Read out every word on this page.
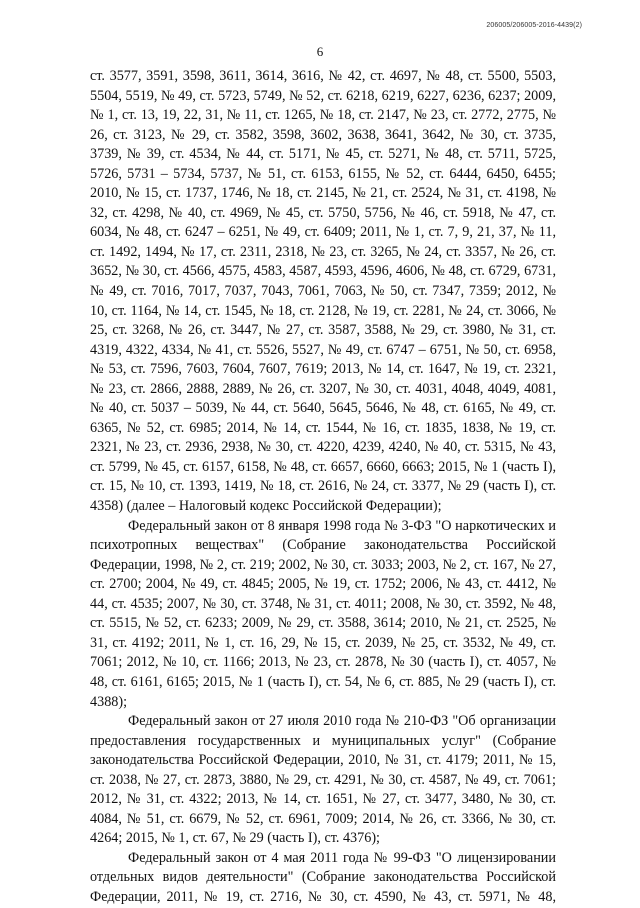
206005/206005-2016-4439(2)
6

ст. 3577, 3591, 3598, 3611, 3614, 3616, № 42, ст. 4697, № 48, ст. 5500, 5503, 5504, 5519, № 49, ст. 5723, 5749, № 52, ст. 6218, 6219, 6227, 6236, 6237; 2009, № 1, ст. 13, 19, 22, 31, № 11, ст. 1265, № 18, ст. 2147, № 23, ст. 2772, 2775, № 26, ст. 3123, № 29, ст. 3582, 3598, 3602, 3638, 3641, 3642, № 30, ст. 3735, 3739, № 39, ст. 4534, № 44, ст. 5171, № 45, ст. 5271, № 48, ст. 5711, 5725, 5726, 5731 – 5734, 5737, № 51, ст. 6153, 6155, № 52, ст. 6444, 6450, 6455; 2010, № 15, ст. 1737, 1746, № 18, ст. 2145, № 21, ст. 2524, № 31, ст. 4198, № 32, ст. 4298, № 40, ст. 4969, № 45, ст. 5750, 5756, № 46, ст. 5918, № 47, ст. 6034, № 48, ст. 6247 – 6251, № 49, ст. 6409; 2011, № 1, ст. 7, 9, 21, 37, № 11, ст. 1492, 1494, № 17, ст. 2311, 2318, № 23, ст. 3265, № 24, ст. 3357, № 26, ст. 3652, № 30, ст. 4566, 4575, 4583, 4587, 4593, 4596, 4606, № 48, ст. 6729, 6731, № 49, ст. 7016, 7017, 7037, 7043, 7061, 7063, № 50, ст. 7347, 7359; 2012, № 10, ст. 1164, № 14, ст. 1545, № 18, ст. 2128, № 19, ст. 2281, № 24, ст. 3066, № 25, ст. 3268, № 26, ст. 3447, № 27, ст. 3587, 3588, № 29, ст. 3980, № 31, ст. 4319, 4322, 4334, № 41, ст. 5526, 5527, № 49, ст. 6747 – 6751, № 50, ст. 6958, № 53, ст. 7596, 7603, 7604, 7607, 7619; 2013, № 14, ст. 1647, № 19, ст. 2321, № 23, ст. 2866, 2888, 2889, № 26, ст. 3207, № 30, ст. 4031, 4048, 4049, 4081, № 40, ст. 5037 – 5039, № 44, ст. 5640, 5645, 5646, № 48, ст. 6165, № 49, ст. 6365, № 52, ст. 6985; 2014, № 14, ст. 1544, № 16, ст. 1835, 1838, № 19, ст. 2321, № 23, ст. 2936, 2938, № 30, ст. 4220, 4239, 4240, № 40, ст. 5315, № 43, ст. 5799, № 45, ст. 6157, 6158, № 48, ст. 6657, 6660, 6663; 2015, № 1 (часть I), ст. 15, № 10, ст. 1393, 1419, № 18, ст. 2616, № 24, ст. 3377, № 29 (часть I), ст. 4358) (далее – Налоговый кодекс Российской Федерации);

Федеральный закон от 8 января 1998 года № 3-ФЗ "О наркотических и психотропных веществах" (Собрание законодательства Российской Федерации, 1998, № 2, ст. 219; 2002, № 30, ст. 3033; 2003, № 2, ст. 167, № 27, ст. 2700; 2004, № 49, ст. 4845; 2005, № 19, ст. 1752; 2006, № 43, ст. 4412, № 44, ст. 4535; 2007, № 30, ст. 3748, № 31, ст. 4011; 2008, № 30, ст. 3592, № 48, ст. 5515, № 52, ст. 6233; 2009, № 29, ст. 3588, 3614; 2010, № 21, ст. 2525, № 31, ст. 4192; 2011, № 1, ст. 16, 29, № 15, ст. 2039, № 25, ст. 3532, № 49, ст. 7061; 2012, № 10, ст. 1166; 2013, № 23, ст. 2878, № 30 (часть I), ст. 4057, № 48, ст. 6161, 6165; 2015, № 1 (часть I), ст. 54, № 6, ст. 885, № 29 (часть I), ст. 4388);

Федеральный закон от 27 июля 2010 года № 210-ФЗ "Об организации предоставления государственных и муниципальных услуг" (Собрание законодательства Российской Федерации, 2010, № 31, ст. 4179; 2011, № 15, ст. 2038, № 27, ст. 2873, 3880, № 29, ст. 4291, № 30, ст. 4587, № 49, ст. 7061; 2012, № 31, ст. 4322; 2013, № 14, ст. 1651, № 27, ст. 3477, 3480, № 30, ст. 4084, № 51, ст. 6679, № 52, ст. 6961, 7009; 2014, № 26, ст. 3366, № 30, ст. 4264; 2015, № 1, ст. 67, № 29 (часть I), ст. 4376);

Федеральный закон от 4 мая 2011 года № 99-ФЗ "О лицензировании отдельных видов деятельности" (Собрание законодательства Российской Федерации, 2011, № 19, ст. 2716, № 30, ст. 4590, № 43, ст. 5971, № 48,
